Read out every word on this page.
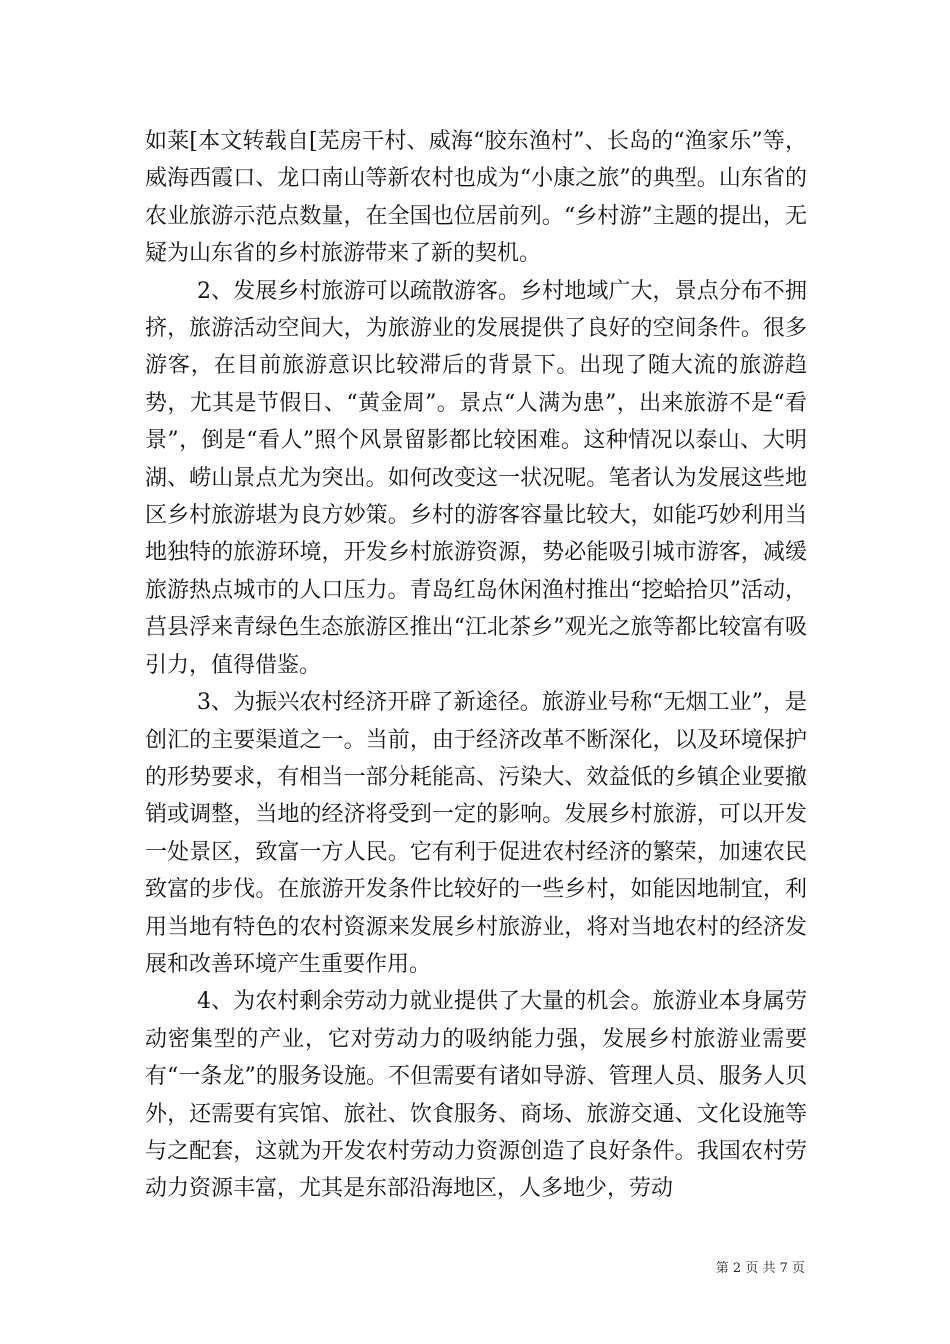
如莱[本文转载自[芜房干村、威海“胶东渔村”、长岛的“渔家乐”等，威海西霞口、龙口南山等新农村也成为“小康之旅”的典型。山东省的农业旅游示范点数量，在全国也位居前列。“乡村游”主题的提出，无疑为山东省的乡村旅游带来了新的契机。

2、发展乡村旅游可以疏散游客。乡村地域广大，景点分布不拥挤，旅游活动空间大，为旅游业的发展提供了良好的空间条件。很多游客，在目前旅游意识比较滞后的背景下。出现了随大流的旅游趋势，尤其是节假日、“黄金周”。景点“人满为患”，出来旅游不是“看景”，倒是“看人”照个风景留影都比较困难。这种情况以泰山、大明湖、崂山景点尤为突出。如何改变这一状况呢。笔者认为发展这些地区乡村旅游堪为良方妙策。乡村的游客容量比较大，如能巧妙利用当地独特的旅游环境，开发乡村旅游资源，势必能吸引城市游客，减缓旅游热点城市的人口压力。青岛红岛休闲渔村推出“挖蛤拾贝”活动，莒县浮来青绿色生态旅游区推出“江北茶乡”观光之旅等都比较富有吸引力，值得借鉴。

3、为振兴农村经济开辟了新途径。旅游业号称“无烟工业”，是创汇的主要渠道之一。当前，由于经济改革不断深化，以及环境保护的形势要求，有相当一部分耗能高、污染大、效益低的乡镇企业要撤销或调整，当地的经济将受到一定的影响。发展乡村旅游，可以开发一处景区，致富一方人民。它有利于促进农村经济的繁荣，加速农民致富的步伐。在旅游开发条件比较好的一些乡村，如能因地制宜，利用当地有特色的农村资源来发展乡村旅游业，将对当地农村的经济发展和改善环境产生重要作用。

4、为农村剩余劳动力就业提供了大量的机会。旅游业本身属劳动密集型的产业，它对劳动力的吸纳能力强，发展乡村旅游业需要有“一条龙”的服务设施。不但需要有诸如导游、管理人员、服务人贝外，还需要有宾馆、旅社、饮食服务、商场、旅游交通、文化设施等与之配套，这就为开发农村劳动力资源创造了良好条件。我国农村劳动力资源丰富，尤其是东部沿海地区，人多地少，劳动

第 2 页 共 7 页
